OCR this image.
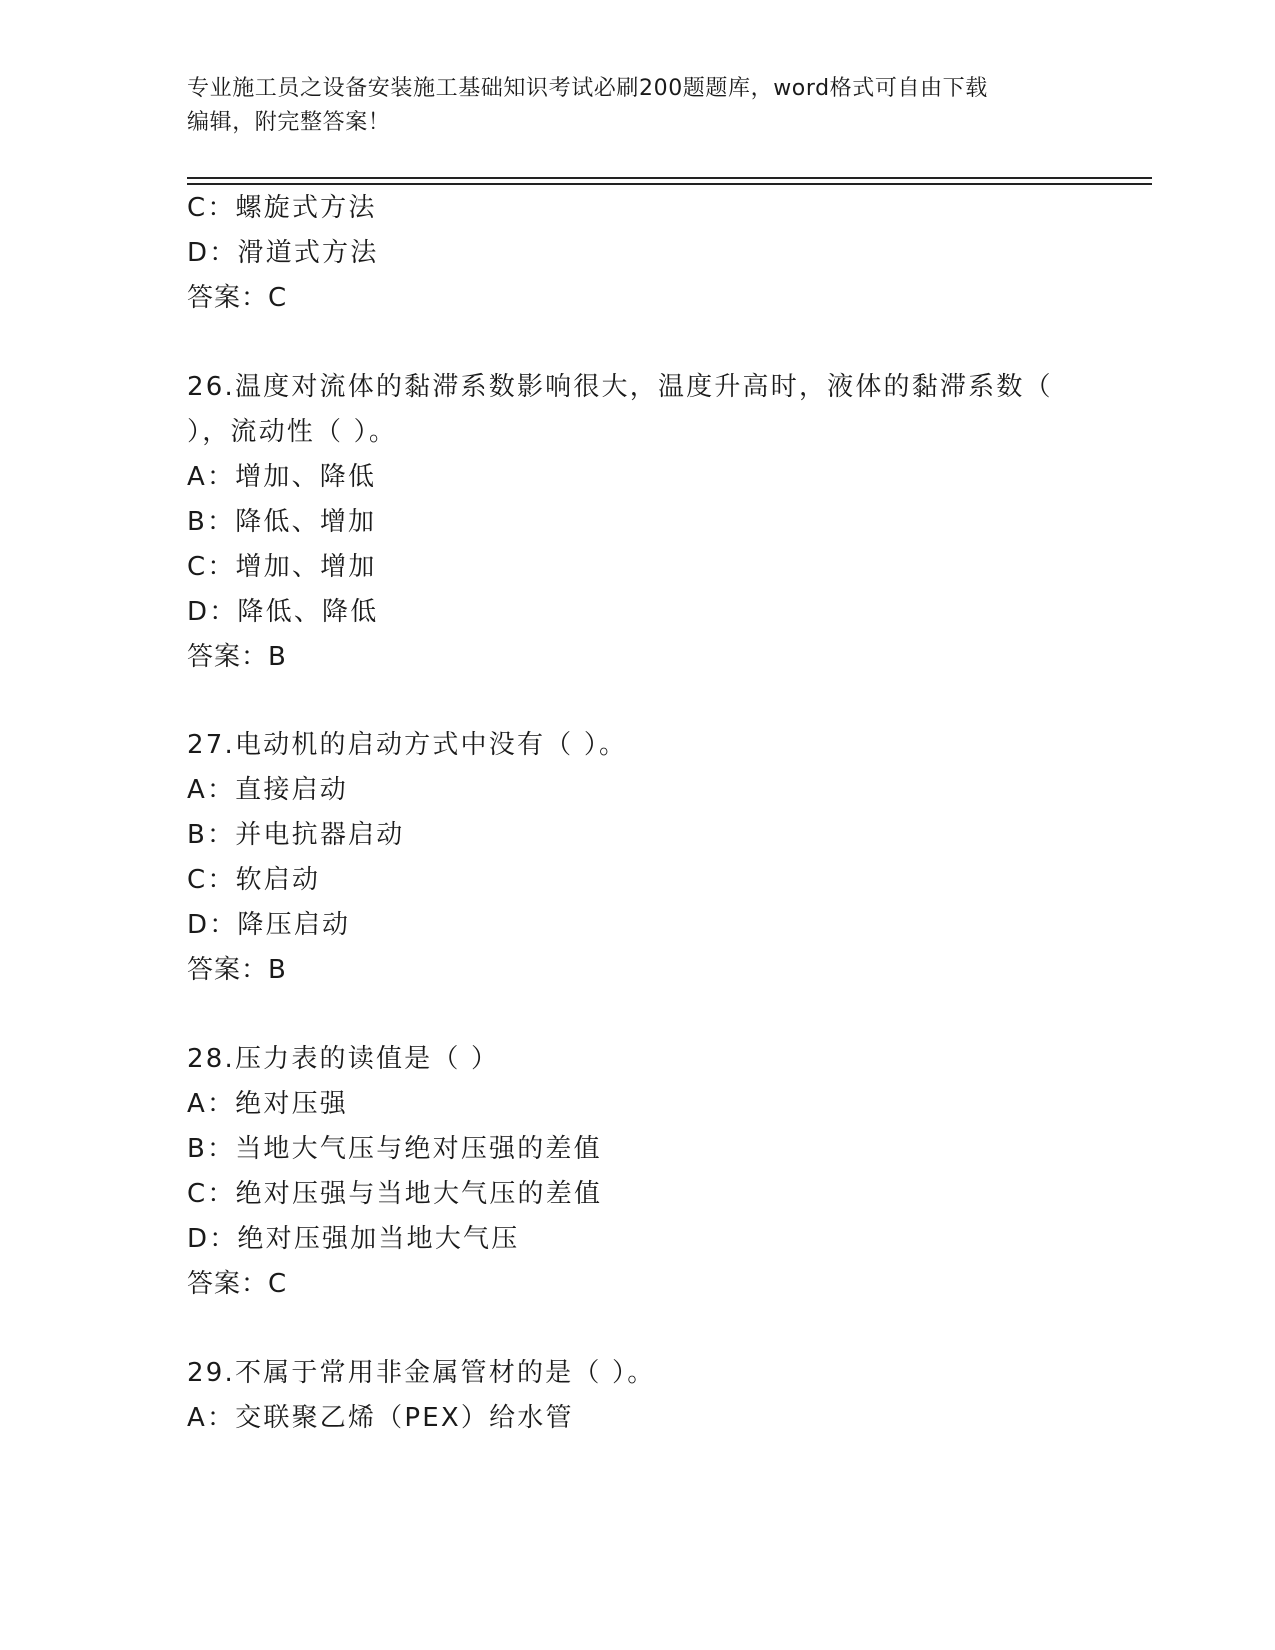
专业施工员之设备安装施工基础知识考试必刷200题题库，word格式可自由下载
编辑，附完整答案！
C：螺旋式方法
D：滑道式方法
答案：C
26.温度对流体的黏滞系数影响很大，温度升高时，液体的黏滞系数（
），流动性（ ）。
A：增加、降低
B：降低、增加
C：增加、增加
D：降低、降低
答案：B
27.电动机的启动方式中没有（ ）。
A：直接启动
B：并电抗器启动
C：软启动
D：降压启动
答案：B
28.压力表的读值是（ ）
A：绝对压强
B：当地大气压与绝对压强的差值
C：绝对压强与当地大气压的差值
D：绝对压强加当地大气压
答案：C
29.不属于常用非金属管材的是（ ）。
A：交联聚乙烯（PEX）给水管
